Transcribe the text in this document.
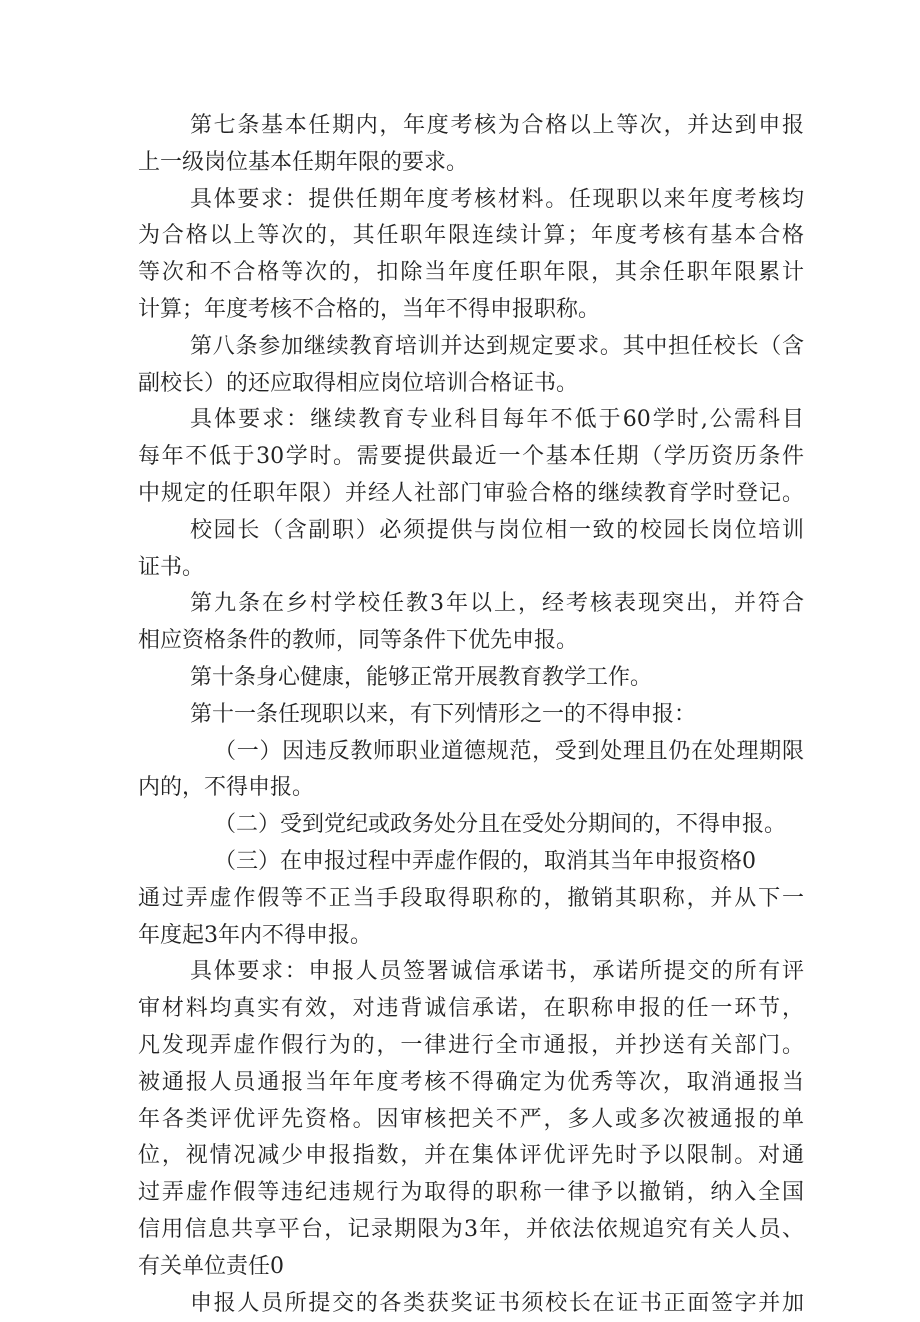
第七条基本任期内，年度考核为合格以上等次，并达到申报
上一级岗位基本任期年限的要求。
具体要求：提供任期年度考核材料。任现职以来年度考核均
为合格以上等次的，其任职年限连续计算；年度考核有基本合格
等次和不合格等次的，扣除当年度任职年限，其余任职年限累计
计算；年度考核不合格的，当年不得申报职称。
第八条参加继续教育培训并达到规定要求。其中担任校长（含
副校长）的还应取得相应岗位培训合格证书。
具体要求：继续教育专业科目每年不低于60学时,公需科目
每年不低于30学时。需要提供最近一个基本任期（学历资历条件
中规定的任职年限）并经人社部门审验合格的继续教育学时登记。
校园长（含副职）必须提供与岗位相一致的校园长岗位培训
证书。
第九条在乡村学校任教3年以上，经考核表现突出，并符合
相应资格条件的教师，同等条件下优先申报。
第十条身心健康，能够正常开展教育教学工作。
第十一条任现职以来，有下列情形之一的不得申报：
（一）因违反教师职业道德规范，受到处理且仍在处理期限
内的，不得申报。
（二）受到党纪或政务处分且在受处分期间的，不得申报。
（三）在申报过程中弄虚作假的，取消其当年申报资格0
通过弄虚作假等不正当手段取得职称的，撤销其职称，并从下一
年度起3年内不得申报。
具体要求：申报人员签署诚信承诺书，承诺所提交的所有评
审材料均真实有效，对违背诚信承诺，在职称申报的任一环节，
凡发现弄虚作假行为的，一律进行全市通报，并抄送有关部门。
被通报人员通报当年年度考核不得确定为优秀等次，取消通报当
年各类评优评先资格。因审核把关不严，多人或多次被通报的单
位，视情况减少申报指数，并在集体评优评先时予以限制。对通
过弄虚作假等违纪违规行为取得的职称一律予以撤销，纳入全国
信用信息共享平台，记录期限为3年，并依法依规追究有关人员、
有关单位责任0
申报人员所提交的各类获奖证书须校长在证书正面签字并加
